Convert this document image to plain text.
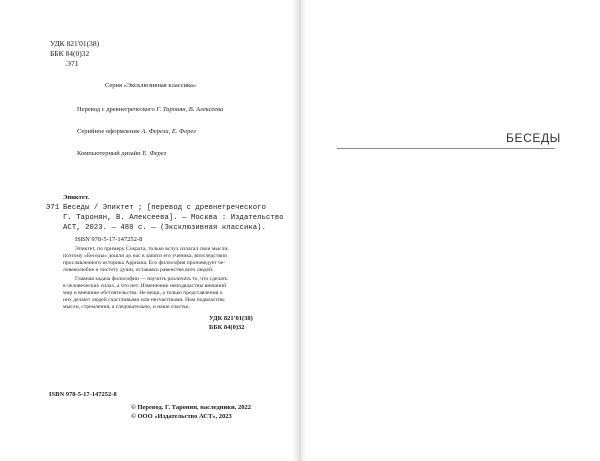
УДК 821'01(38)
ББК 84(0)32
Э71
Серия «Эксклюзивная классика»
Перевод с древнегреческого Г. Таронян, В. Алексеева
Серийное оформление А. Фереза, Е. Ферез
Компьютерный дизайн Е. Ферез
Эпиктет.
Э71 Беседы / Эпиктет ; [перевод с древнегреческого
Г. Таронян, В. Алексеева]. — Москва : Издательство
АСТ, 2023. — 480 с. — (Эксклюзивная классика).
ISBN 978-5-17-147252-8
Эпиктет, по примеру Сократа, только вслух излагал свои мысли,
поэтому «Беседы» дошли до нас в записи его ученика, впоследствии
прославленного историка Арриана. Его философия проповедует че-
ловеколюбие и чистоту души, оставаясь равенство всех людей.
Главная задача философии — научить различать то, что сделать
в человеческих силах, а что нет. Изменению неподвластны внешний
мир и внешние обстоятельства. Не вещи, а только представления о
них делают людей счастливыми или несчастными. Нам подвластны
мысли, стремления, а следовательно, и наше счастье.
УДК 821'01(38)
ББК 84(0)32
ISBN 978-5-17-147252-8
© Перевод. Г. Таронян, наследники, 2022
© ООО «Издательство АСТ», 2023
БЕСЕДЫ
